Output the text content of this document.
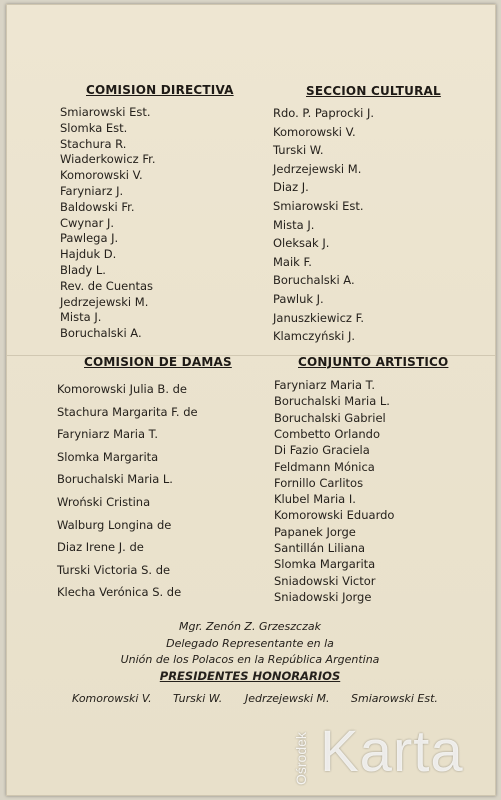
COMISION DIRECTIVA
Smiarowski Est.
Slomka Est.
Stachura R.
Wiaderkowicz Fr.
Komorowski V.
Faryniarz J.
Baldowski Fr.
Cwynar J.
Pawlega J.
Hajduk D.
Blady L.
Rev. de Cuentas
Jedrzejewski M.
Mista J.
Boruchalski A.
SECCION CULTURAL
Rdo. P. Paprocki J.
Komorowski V.
Turski W.
Jedrzejewski M.
Diaz J.
Smiarowski Est.
Mista J.
Oleksak J.
Maik F.
Boruchalski A.
Pawluk J.
Januszkiewicz F.
Klamczyński J.
COMISION DE DAMAS
Komorowski Julia B. de
Stachura Margarita F. de
Faryniarz Maria T.
Slomka Margarita
Boruchalski Maria L.
Wroński Cristina
Walburg Longina de
Diaz Irene J. de
Turski Victoria S. de
Klecha Verónica S. de
CONJUNTO ARTISTICO
Faryniarz Maria T.
Boruchalski Maria L.
Boruchalski Gabriel
Combetto Orlando
Di Fazio Graciela
Feldmann Mónica
Fornillo Carlitos
Klubel Maria I.
Komorowski Eduardo
Papanek Jorge
Santillán Liliana
Slomka Margarita
Sniadowski Victor
Sniadowski Jorge
Mgr. Zenón Z. Grzeszczak
Delegado Representante en la
Unión de los Polacos en la República Argentina
PRESIDENTES HONORARIOS
Komorowski V. Turski W. Jedrzejewski M. Smiarowski Est.
Karta
Ośrodek
